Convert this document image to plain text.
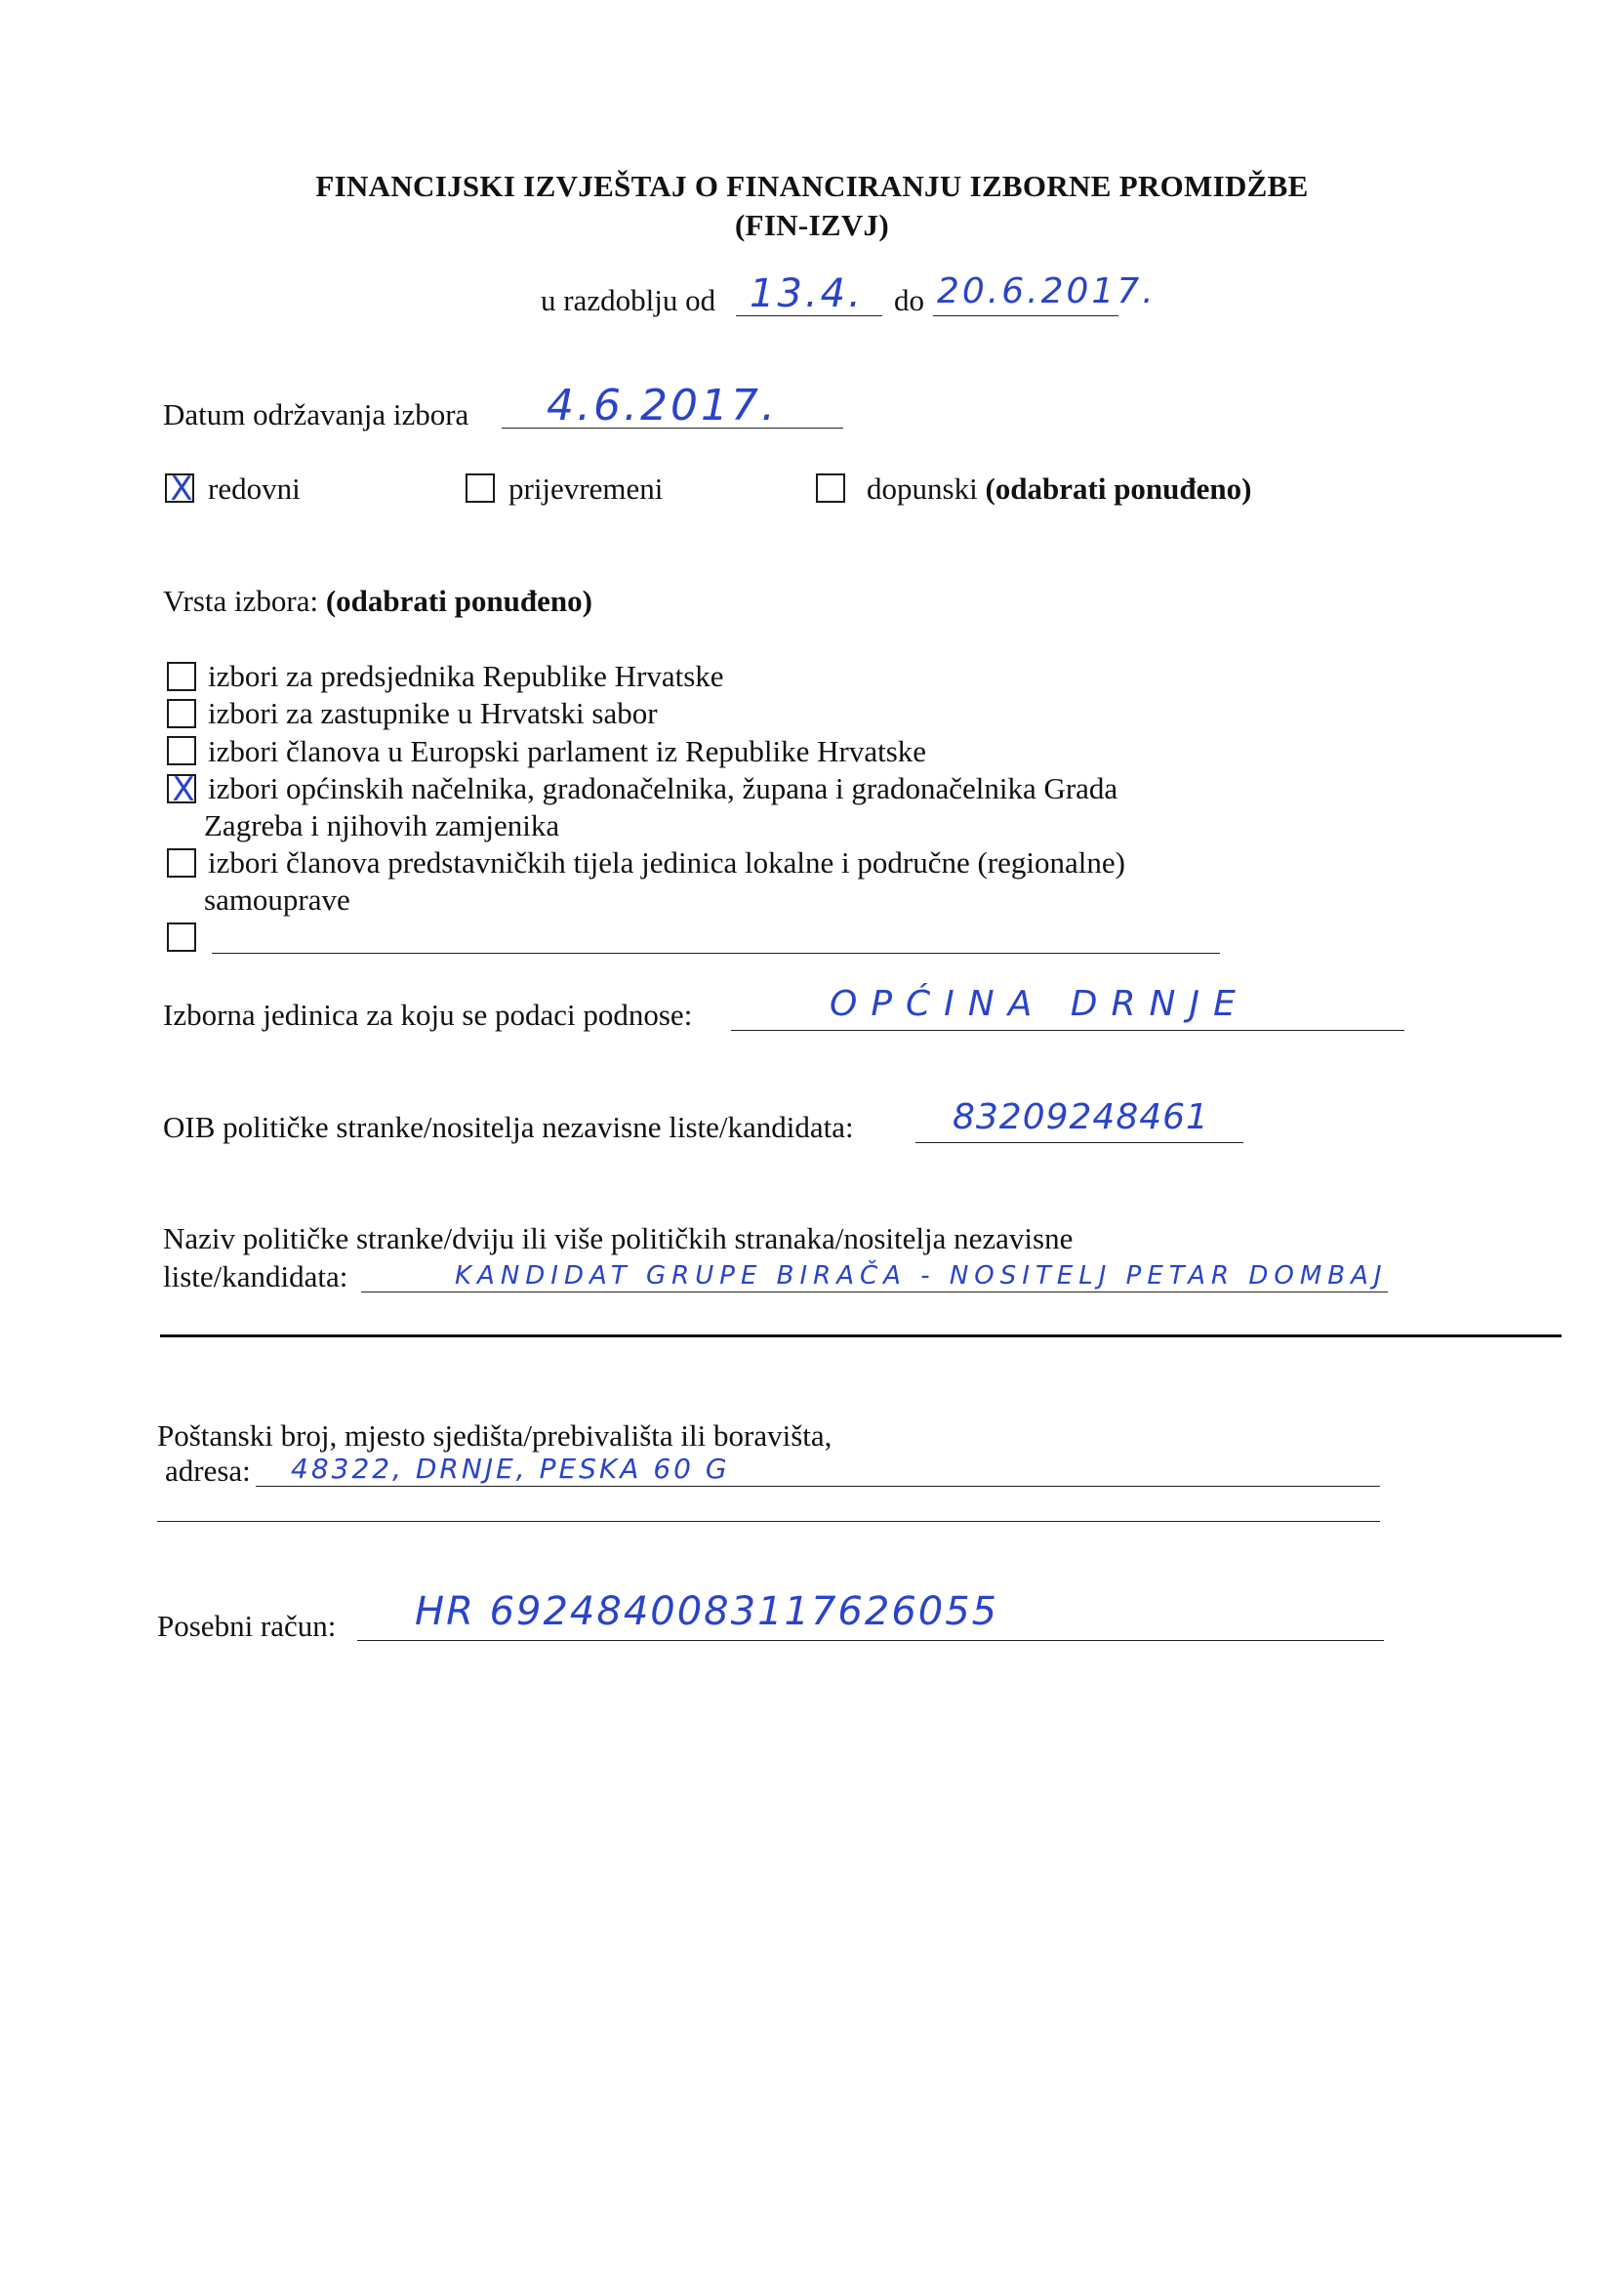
FINANCIJSKI IZVJEŠTAJ O FINANCIRANJU IZBORNE PROMIDŽBE
(FIN-IZVJ)
u razdoblju od 13.4. do 20.6.2017.
Datum održavanja izbora 4.6.2017.
X redovni	prijevremeni	dopunski (odabrati ponuđeno)
Vrsta izbora: (odabrati ponuđeno)
izbori za predsjednika Republike Hrvatske
izbori za zastupnike u Hrvatski sabor
izbori članova u Europski parlament iz Republike Hrvatske
X izbori općinskih načelnika, gradonačelnika, župana i gradonačelnika Grada
Zagreba i njihovih zamjenika
izbori članova predstavničkih tijela jedinica lokalne i područne (regionalne)
samouprave
Izborna jedinica za koju se podaci podnose:	OPĆINA DRNJE
OIB političke stranke/nositelja nezavisne liste/kandidata:	83209248461
Naziv političke stranke/dviju ili više političkih stranaka/nositelja nezavisne
liste/kandidata:	KANDIDAT GRUPE BIRAČA - NOSITELJ PETAR DOMBAJ
Poštanski broj, mjesto sjedišta/prebivališta ili boravišta,
adresa: 48322, DRNJE, PESKA 60 G
Posebni račun: HR 6924840083117626055
